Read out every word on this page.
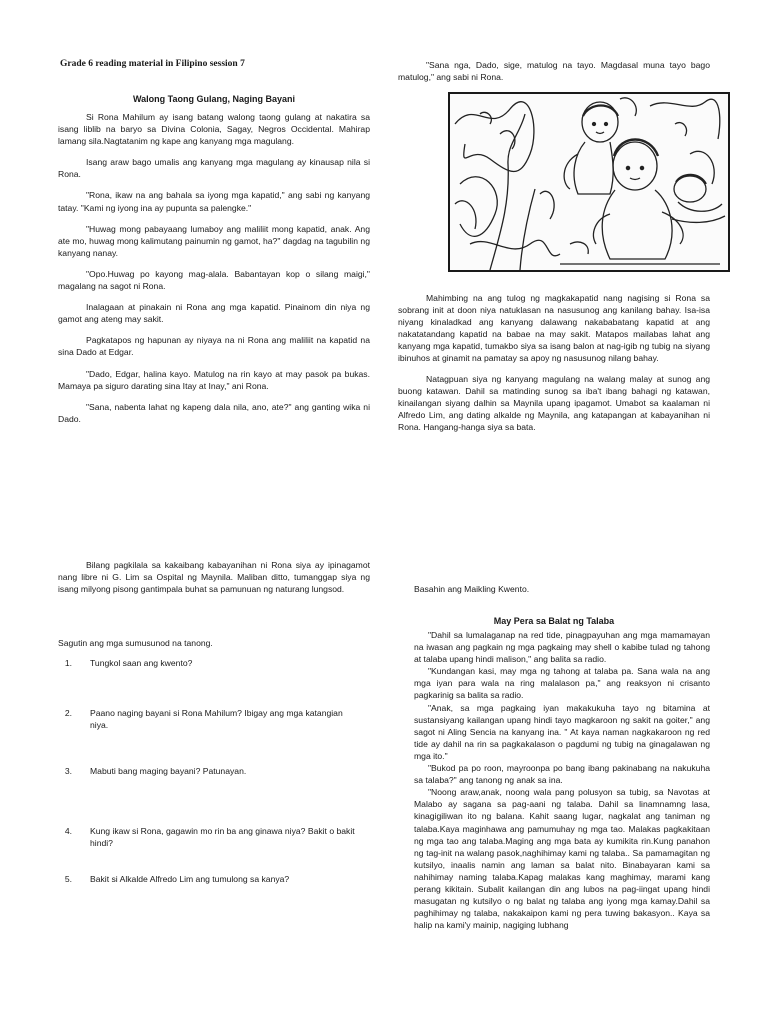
Grade 6 reading material in Filipino session 7
Walong Taong Gulang, Naging Bayani

Si Rona Mahilum ay isang batang walong taong gulang at nakatira sa isang liblib na baryo sa Divina Colonia, Sagay, Negros Occidental. Mahirap lamang sila.Nagtatanim ng kape ang kanyang mga magulang.

Isang araw bago umalis ang kanyang mga magulang ay kinausap nila si Rona.

"Rona, ikaw na ang bahala sa iyong mga kapatid," ang sabi ng kanyang tatay. "Kami ng iyong ina ay pupunta sa palengke."

"Huwag mong pabayaang lumaboy ang maliliit mong kapatid, anak. Ang ate mo, huwag mong kalimutang painumin ng gamot, ha?" dagdag na tagubilin ng kanyang nanay.

"Opo.Huwag po kayong mag-alala. Babantayan kop o silang maigi," magalang na sagot ni Rona.

Inalagaan at pinakain ni Rona ang mga kapatid. Pinainom din niya ng gamot ang ateng may sakit.

Pagkatapos ng hapunan ay niyaya na ni Rona ang maliliit na kapatid na sina Dado at Edgar.

"Dado, Edgar, halina kayo. Matulog na rin kayo at may pasok pa bukas. Mamaya pa siguro darating sina Itay at Inay," ani Rona.

"Sana, nabenta lahat ng kapeng dala nila, ano, ate?" ang ganting wika ni Dado.

Bilang pagkilala sa kakaibang kabayanihan ni Rona siya ay ipinagamot nang libre ni G. Lim sa Ospital ng Maynila. Maliban ditto, tumanggap siya ng isang milyong pisong gantimpala buhat sa pamunuan ng naturang lungsod.

Sagutin ang mga sumusunod na tanong.
1. Tungkol saan ang kwento?
2. Paano naging bayani si Rona Mahilum? Ibigay ang mga katangian niya.
3. Mabuti bang maging bayani? Patunayan.
4. Kung ikaw si Rona, gagawin mo rin ba ang ginawa niya? Bakit o bakit hindi?
5. Bakit si Alkalde Alfredo Lim ang tumulong sa kanya?

"Sana nga, Dado, sige, matulog na tayo. Magdasal muna tayo bago matulog," ang sabi ni Rona.

Mahimbing na ang tulog ng magkakapatid nang nagising si Rona sa sobrang init at doon niya natuklasan na nasusunog ang kanilang bahay. Isa-isa niyang kinaladkad ang kanyang dalawang nakababatang kapatid at ang nakatatandang kapatid na babae na may sakit. Matapos mailabas lahat ang kanyang mga kapatid, tumakbo siya sa isang balon at nag-igib ng tubig na siyang ibinuhos at ginamit na pamatay sa apoy ng nasusunog nilang bahay.

Natagpuan siya ng kanyang magulang na walang malay at sunog ang buong katawan. Dahil sa matinding sunog sa iba't ibang bahagi ng katawan, kinailangan siyang dalhin sa Maynila upang ipagamot. Umabot sa kaalaman ni Alfredo Lim, ang dating alkalde ng Maynila, ang katapangan at kabayanihan ni Rona. Hangang-hanga siya sa bata.

Basahin ang Maikling Kwento.
May Pera sa Balat ng Talaba

"Dahil sa lumalaganap na red tide, pinagpayuhan ang mga mamamayan na iwasan ang pagkain ng mga pagkaing may shell o kabibe tulad ng tahong at talaba upang hindi malison," ang balita sa radio.

"Kundangan kasi, may mga ng tahong at talaba pa. Sana wala na ang mga iyan para wala na ring malalason pa," ang reaksyon ni crisanto pagkarinig sa balita sa radio.

"Anak, sa mga pagkaing iyan makakukuha tayo ng bitamina at sustansiyang kailangan upang hindi tayo magkaroon ng sakit na goiter," ang sagot ni Aling Sencia na kanyang ina. " At kaya naman nagkakaroon ng red tide ay dahil na rin sa pagkakalason o pagdumi ng tubig na ginagalawan ng mga ito."

"Bukod pa po roon, mayroonpa po bang ibang pakinabang na nakukuha sa talaba?" ang tanong ng anak sa ina.

"Noong araw,anak, noong wala pang polusyon sa tubig, sa Navotas at Malabo ay sagana sa pag-aani ng talaba. Dahil sa linamnamng lasa, kinagigiliwan ito ng balana. Kahit saang lugar, nagkalat ang taniman ng talaba.Kaya maginhawa ang pamumuhay ng mga tao. Malakas pagkakitaan ng mga tao ang talaba.Maging ang mga bata ay kumikita rin.Kung panahon ng tag-init na walang pasok,naghihimay kami ng talaba.. Sa pamamagitan ng kutsilyo, inaalis namin ang laman sa balat nito. Binabayaran kami sa nahihimay naming talaba.Kapag malakas kang maghimay, marami kang perang kikitain. Subalit kailangan din ang lubos na pag-iingat upang hindi masugatan ng kutsilyo o ng balat ng talaba ang iyong mga kamay.Dahil sa paghihimay ng talaba, nakakaipon kami ng pera tuwing bakasyon.. Kaya sa halip na kami'y mainip, nagiging lubhang
